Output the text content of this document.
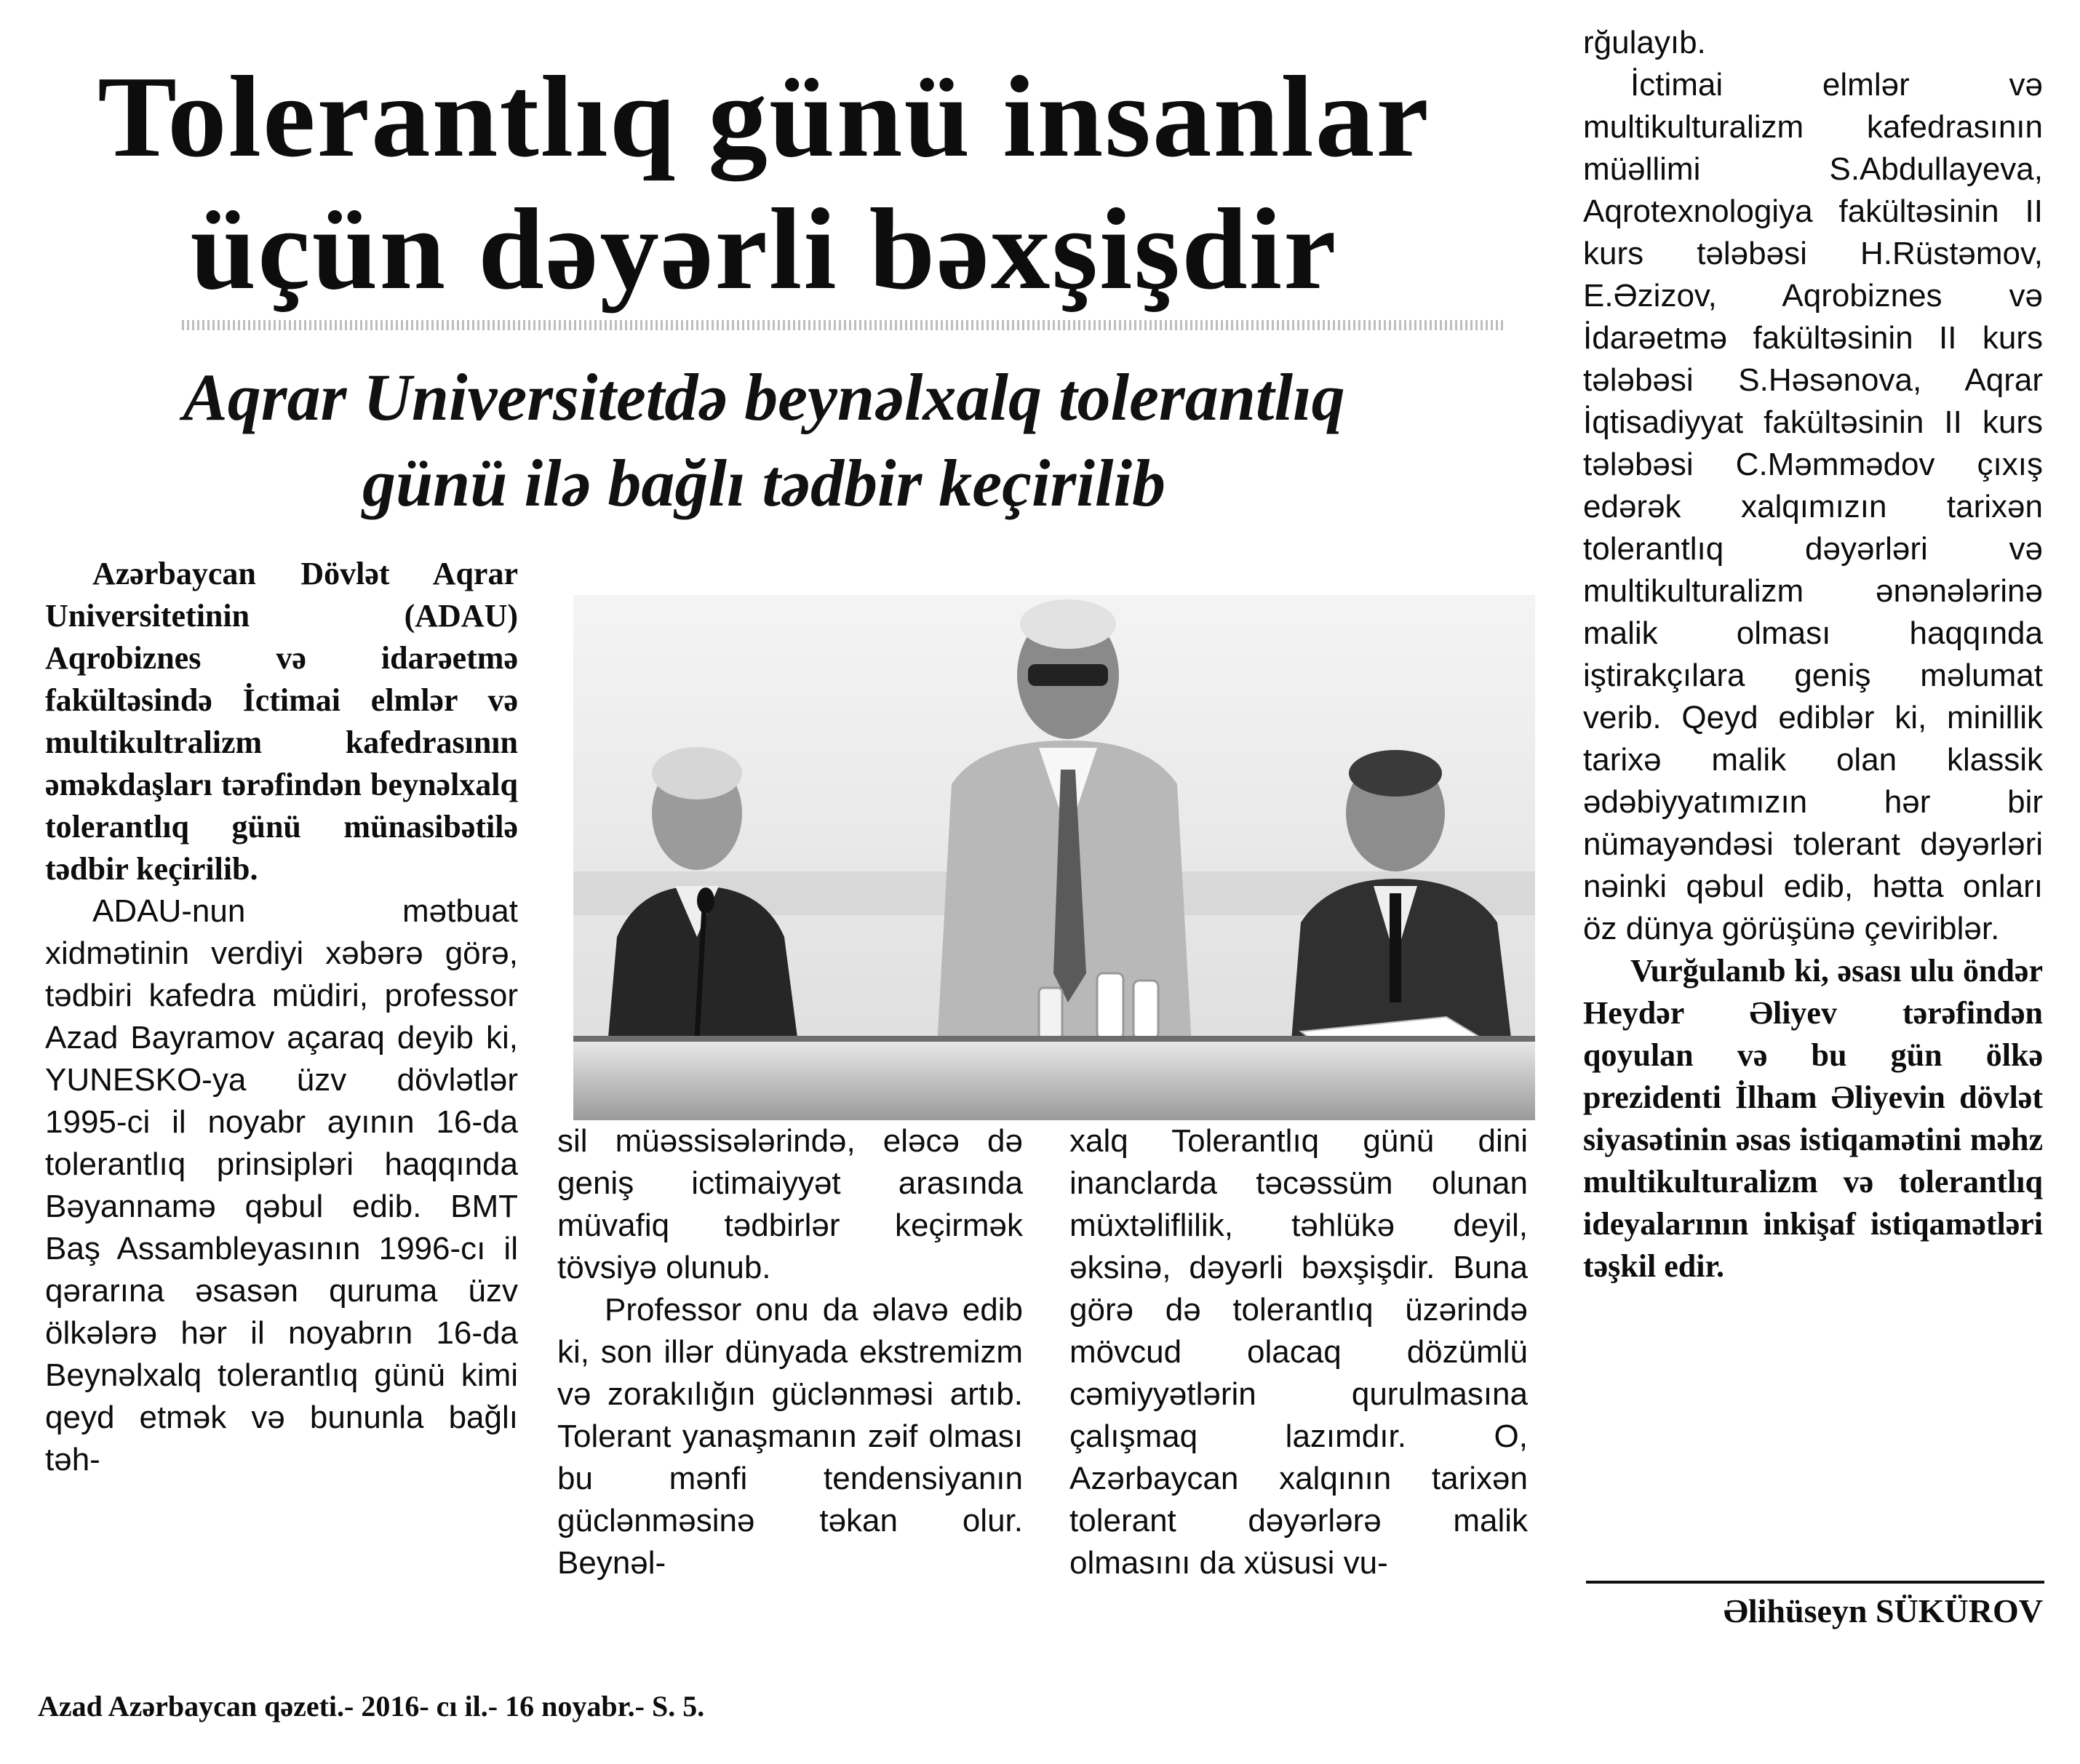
Tolerantlıq günü insanlar
üçün dəyərli bəxşişdir
Aqrar Universitetdə beynəlxalq tolerantlıq
günü ilə bağlı tədbir keçirilib

Azərbaycan Dövlət Aqrar Universitetinin (ADAU) Aqrobiznes və idarəetmə fakültəsində İctimai elmlər və multikultralizm kafedrasının əməkdaşları tərəfindən beynəlxalq tolerantlıq günü münasibətilə tədbir keçirilib.

ADAU-nun mətbuat xidmətinin verdiyi xəbərə görə, tədbiri kafedra müdiri, professor Azad Bayramov açaraq deyib ki, YUNESKO-ya üzv dövlətlər 1995-ci il noyabr ayının 16-da tolerantlıq prinsipləri haqqında Bəyannamə qəbul edib. BMT Baş Assambleyasının 1996-cı il qərarına əsasən quruma üzv ölkələrə hər il noyabrın 16-da Beynəlxalq tolerantlıq günü kimi qeyd etmək və bununla bağlı təh-

sil müəssisələrində, eləcə də geniş ictimaiyyət arasında müvafiq tədbirlər keçirmək tövsiyə olunub.

Professor onu da əlavə edib ki, son illər dünyada ekstremizm və zorakılığın güclənməsi artıb. Tolerant yanaşmanın zəif olması bu mənfi tendensiyanın güclənməsinə təkan olur. Beynəl-

xalq Tolerantlıq günü dini inanclarda təcəssüm olunan müxtəliflilik, təhlükə deyil, əksinə, dəyərli bəxşişdir. Buna görə də tolerantlıq üzərində mövcud olacaq dözümlü cəmiyyətlərin qurulmasına çalışmaq lazımdır. O, Azərbaycan xalqının tarixən tolerant dəyərlərə malik olmasını da xüsusi vu-

rğulayıb.

İctimai elmlər və multikulturalizm kafedrasının müəllimi S.Abdullayeva, Aqrotexnologiya fakültəsinin II kurs tələbəsi H.Rüstəmov, E.Əzizov, Aqrobiznes və İdarəetmə fakültəsinin II kurs tələbəsi S.Həsənova, Aqrar İqtisadiyyat fakültəsinin II kurs tələbəsi C.Məmmədov çıxış edərək xalqımızın tarixən tolerantlıq dəyərləri və multikulturalizm ənənələrinə malik olması haqqında iştirakçılara geniş məlumat verib. Qeyd ediblər ki, minillik tarixə malik olan klassik ədəbiyyatımızın hər bir nümayəndəsi tolerant dəyərləri nəinki qəbul edib, hətta onları öz dünya görüşünə çeviriblər.

Vurğulanıb ki, əsası ulu öndər Heydər Əliyev tərəfindən qoyulan və bu gün ölkə prezidenti İlham Əliyevin dövlət siyasətinin əsas istiqamətini məhz multikulturalizm və tolerantlıq ideyalarının inkişaf istiqamətləri təşkil edir.

Əlihüseyn SÜKÜROV
Azad Azərbaycan qəzeti.- 2016- cı il.- 16 noyabr.- S. 5.
